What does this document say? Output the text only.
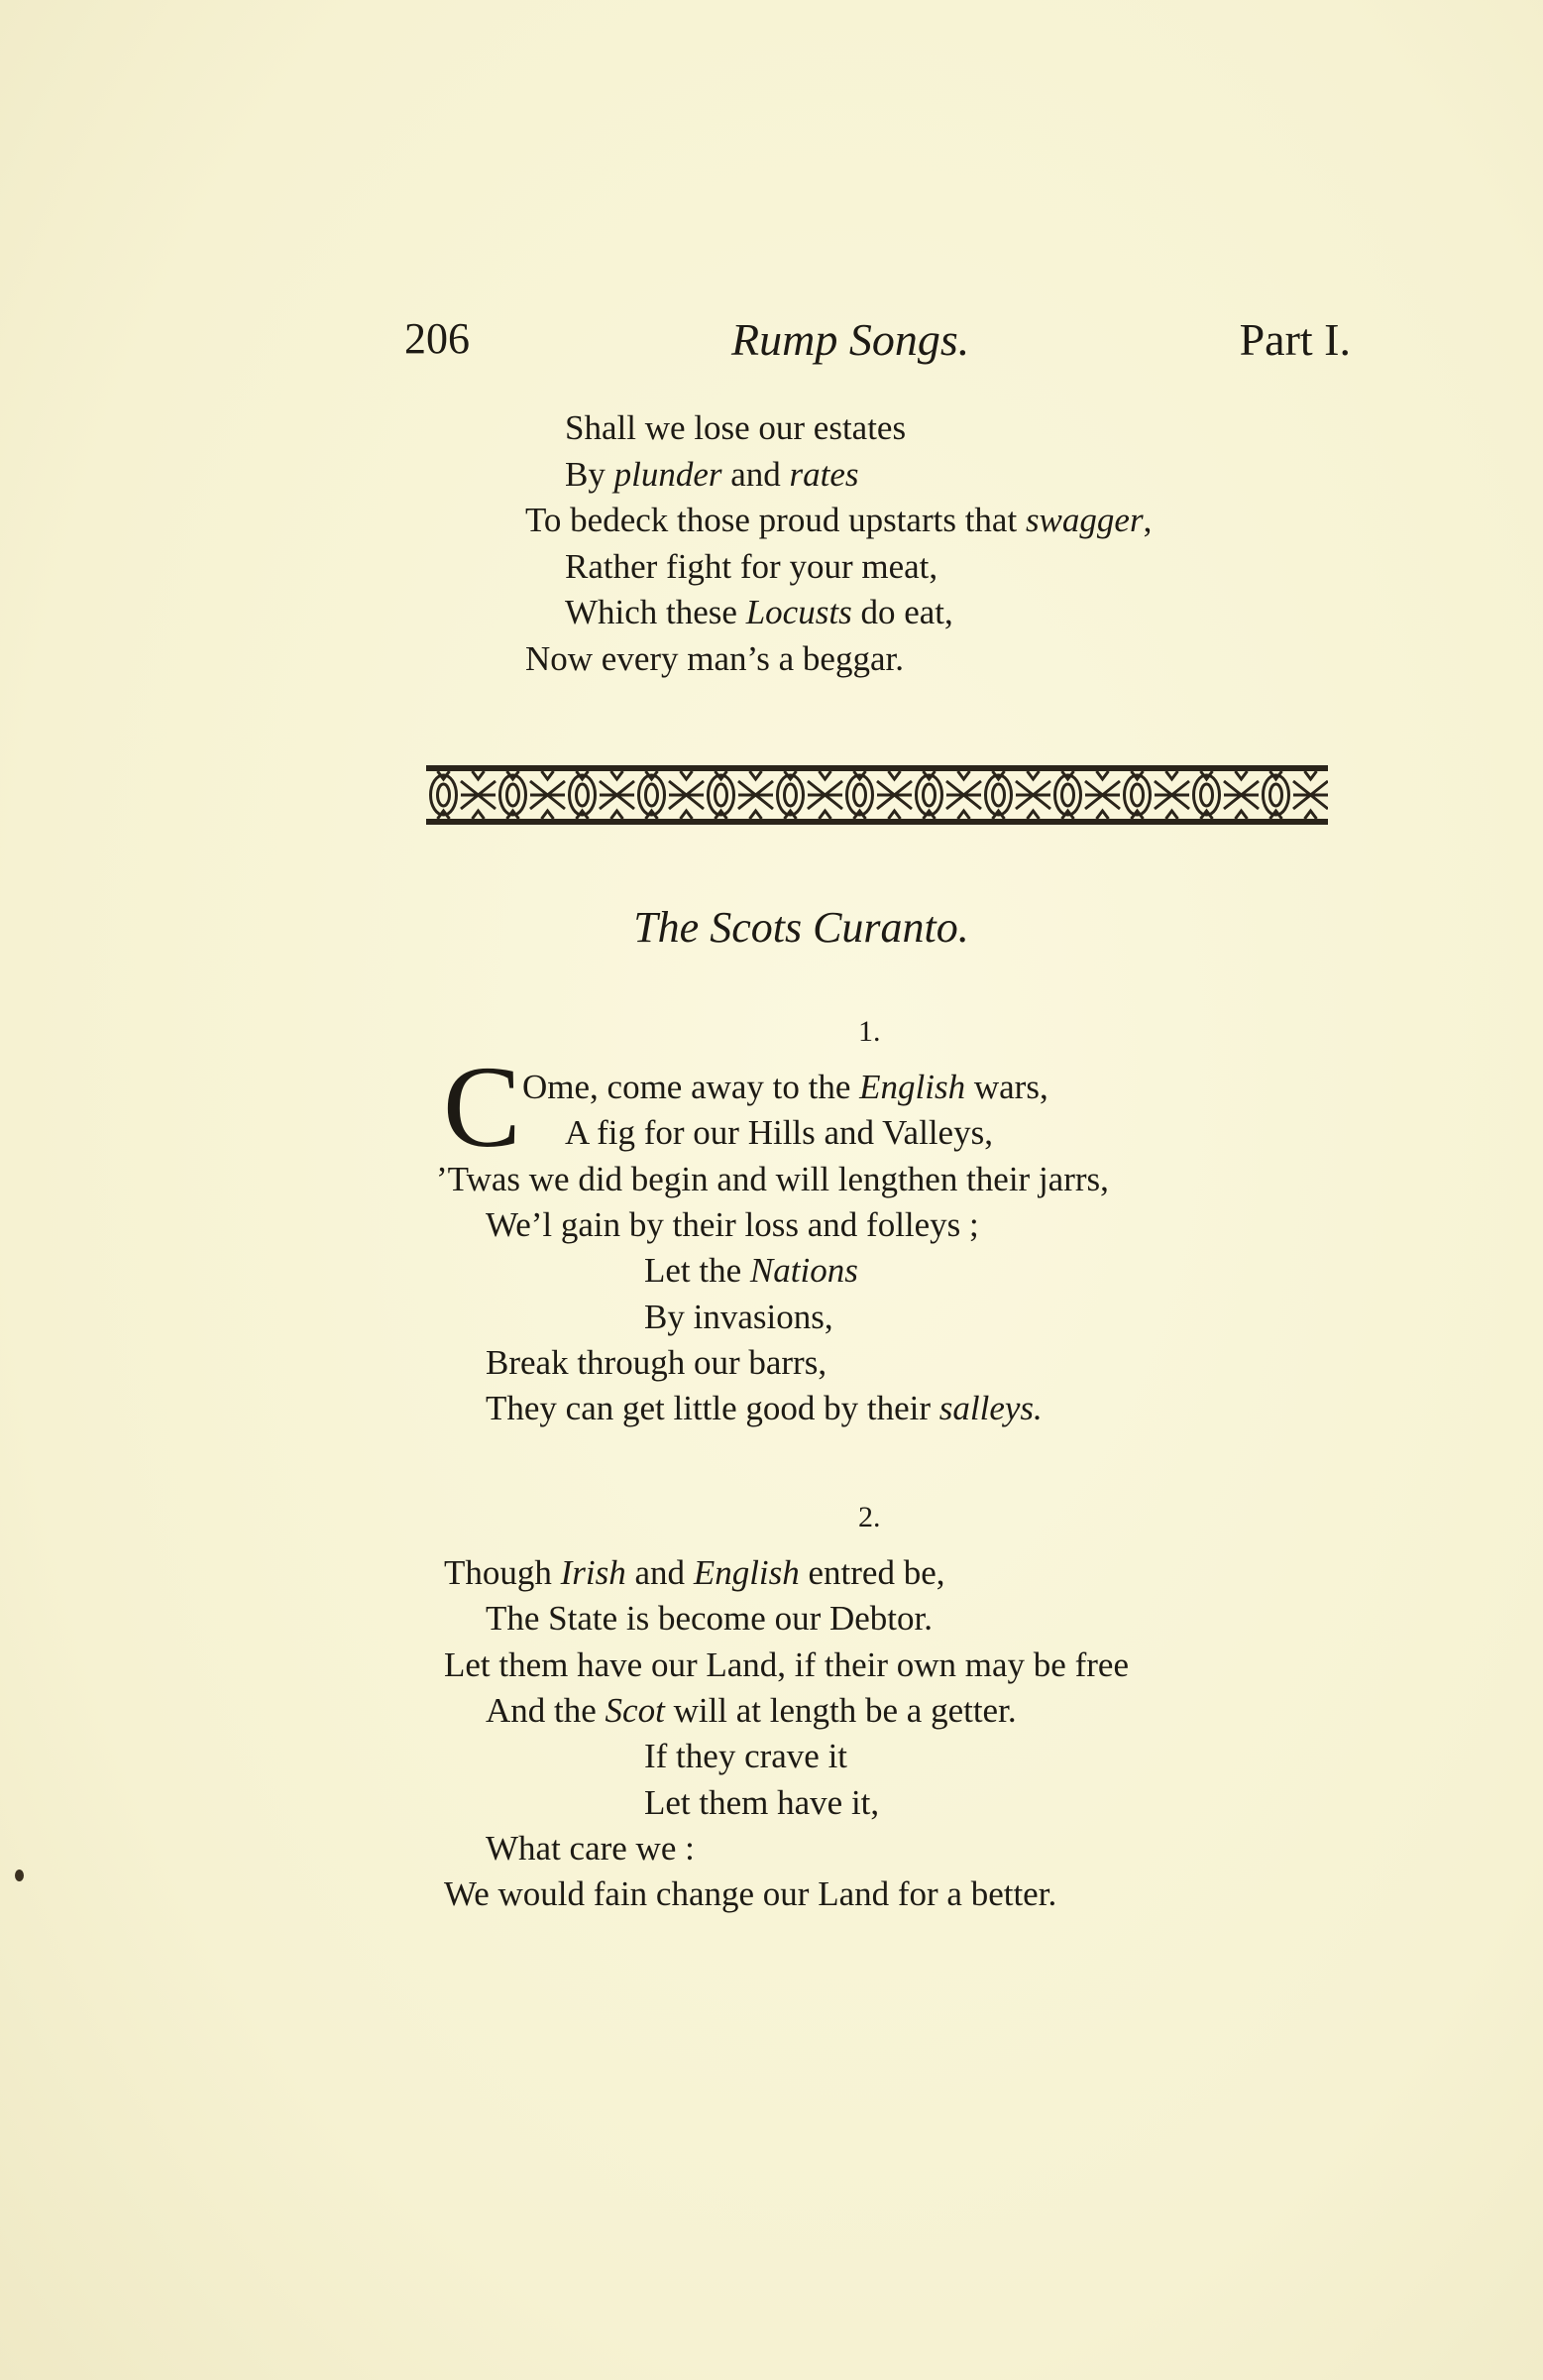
206	Rump Songs.	Part I.
Shall we lose our estates
By plunder and rates
To bedeck those proud upstarts that swagger,
Rather fight for your meat,
Which these Locusts do eat,
Now every man’s a beggar.
The Scots Curanto.
1.
C Ome, come away to the English wars,
A fig for our Hills and Valleys,
’Twas we did begin and will lengthen their jarrs,
We’l gain by their loss and folleys ;
Let the Nations
By invasions,
Break through our barrs,
They can get little good by their salleys.
2.
Though Irish and English entred be,
The State is become our Debtor.
Let them have our Land, if their own may be free
And the Scot will at length be a getter.
If they crave it
Let them have it,
What care we :
We would fain change our Land for a better.
